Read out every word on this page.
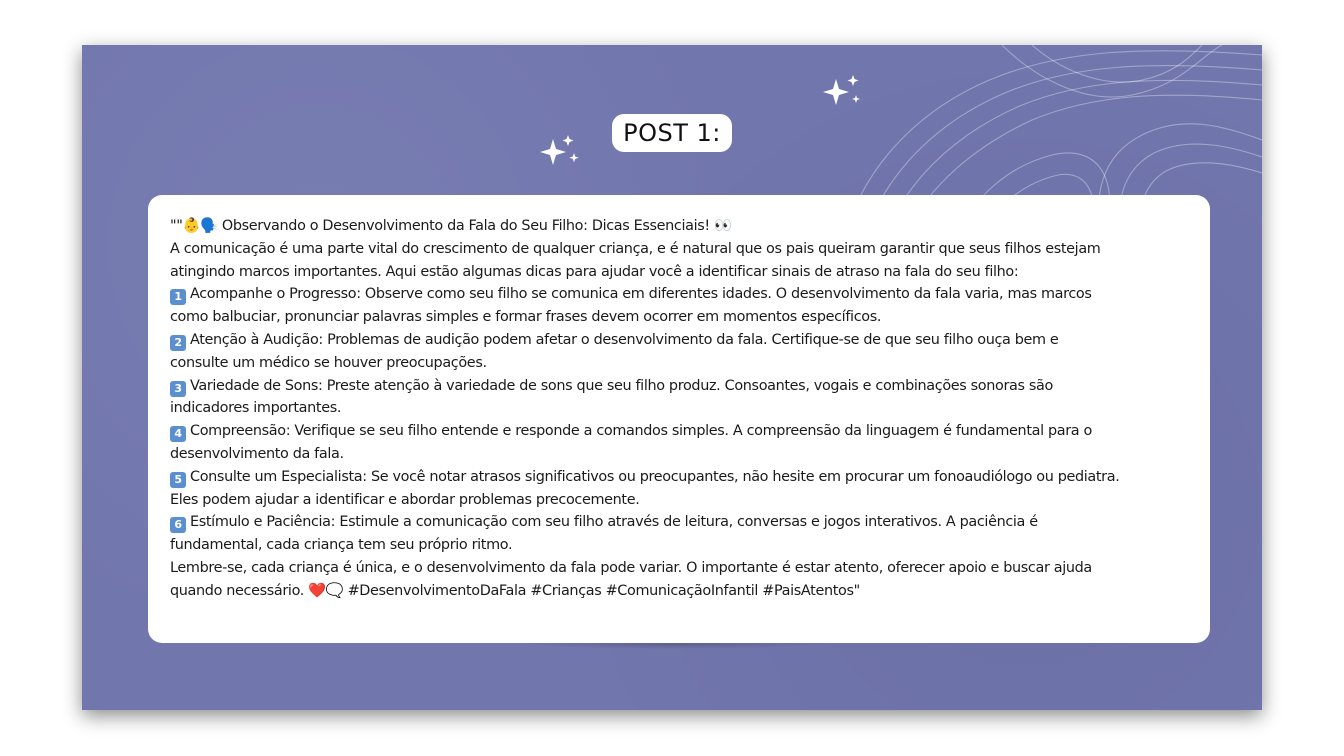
POST 1:
""👶🗣️ Observando o Desenvolvimento da Fala do Seu Filho: Dicas Essenciais! 👀
A comunicação é uma parte vital do crescimento de qualquer criança, e é natural que os pais queiram garantir que seus filhos estejam
atingindo marcos importantes. Aqui estão algumas dicas para ajudar você a identificar sinais de atraso na fala do seu filho:
1 Acompanhe o Progresso: Observe como seu filho se comunica em diferentes idades. O desenvolvimento da fala varia, mas marcos
como balbuciar, pronunciar palavras simples e formar frases devem ocorrer em momentos específicos.
2 Atenção à Audição: Problemas de audição podem afetar o desenvolvimento da fala. Certifique-se de que seu filho ouça bem e
consulte um médico se houver preocupações.
3 Variedade de Sons: Preste atenção à variedade de sons que seu filho produz. Consoantes, vogais e combinações sonoras são
indicadores importantes.
4 Compreensão: Verifique se seu filho entende e responde a comandos simples. A compreensão da linguagem é fundamental para o
desenvolvimento da fala.
5 Consulte um Especialista: Se você notar atrasos significativos ou preocupantes, não hesite em procurar um fonoaudiólogo ou pediatra.
Eles podem ajudar a identificar e abordar problemas precocemente.
6 Estímulo e Paciência: Estimule a comunicação com seu filho através de leitura, conversas e jogos interativos. A paciência é
fundamental, cada criança tem seu próprio ritmo.
Lembre-se, cada criança é única, e o desenvolvimento da fala pode variar. O importante é estar atento, oferecer apoio e buscar ajuda
quando necessário. ❤️🗨️ #DesenvolvimentoDaFala #Crianças #ComunicaçãoInfantil #PaisAtentos"
